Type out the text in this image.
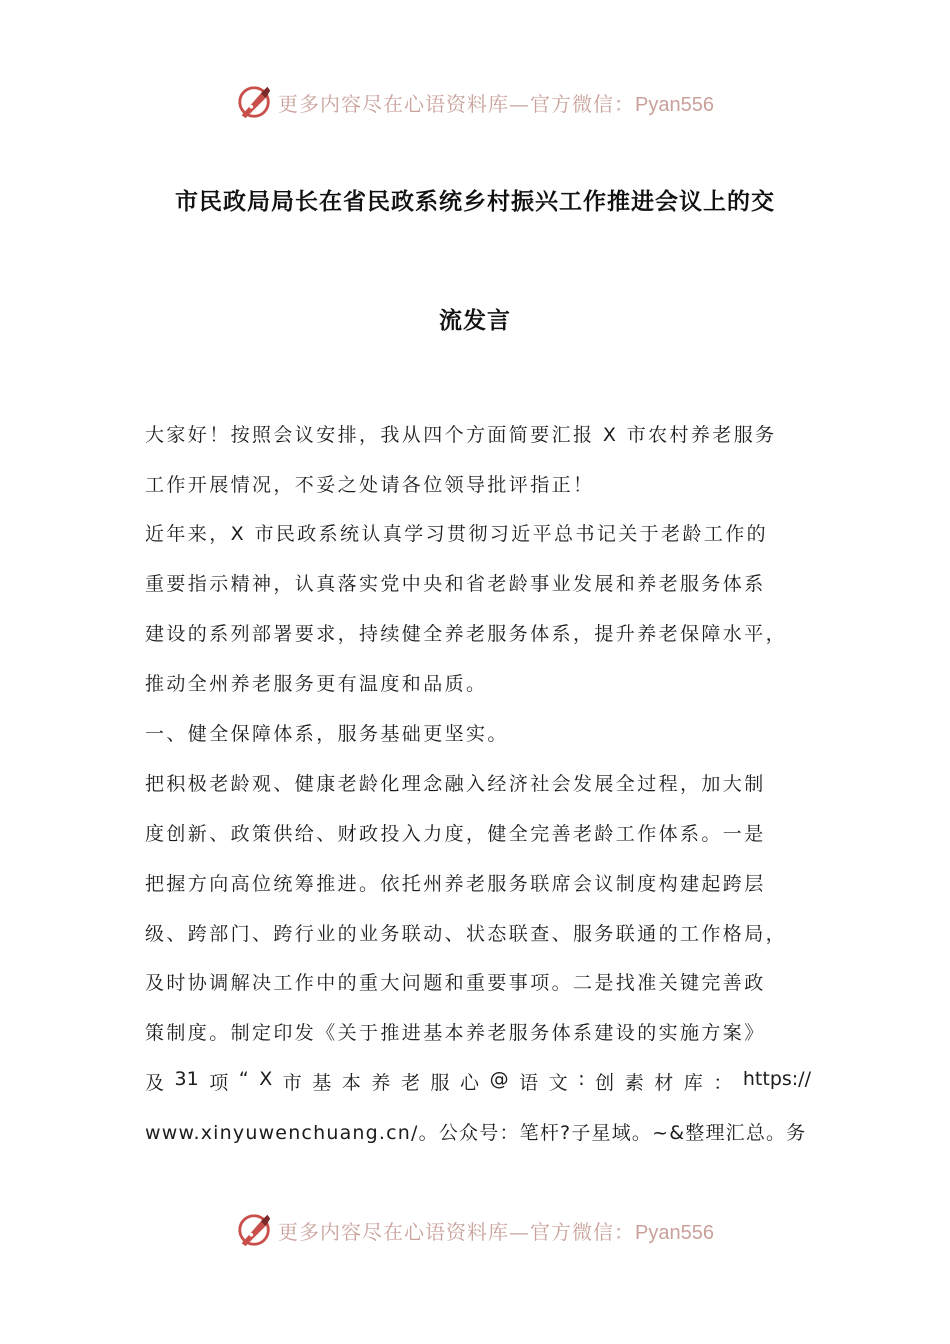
更多内容尽在心语资料库—官方微信：Pyan556
市民政局局长在省民政系统乡村振兴工作推进会议上的交
流发言
大家好！按照会议安排，我从四个方面简要汇报 X 市农村养老服务
工作开展情况，不妥之处请各位领导批评指正！
近年来，X 市民政系统认真学习贯彻习近平总书记关于老龄工作的
重要指示精神，认真落实党中央和省老龄事业发展和养老服务体系
建设的系列部署要求，持续健全养老服务体系，提升养老保障水平，
推动全州养老服务更有温度和品质。
一、健全保障体系，服务基础更坚实。
把积极老龄观、健康老龄化理念融入经济社会发展全过程，加大制
度创新、政策供给、财政投入力度，健全完善老龄工作体系。一是
把握方向高位统筹推进。依托州养老服务联席会议制度构建起跨层
级、跨部门、跨行业的业务联动、状态联查、服务联通的工作格局，
及时协调解决工作中的重大问题和重要事项。二是找准关键完善政
策制度。制定印发《关于推进基本养老服务体系建设的实施方案》
及 31 项 “ X 市 基 本 养 老 服 心 @ 语 文 : 创 素 材 库 ： https://
www.xinyuwenchuang.cn/。公众号：笔杆?子星域。~&整理汇总。务
更多内容尽在心语资料库—官方微信：Pyan556
